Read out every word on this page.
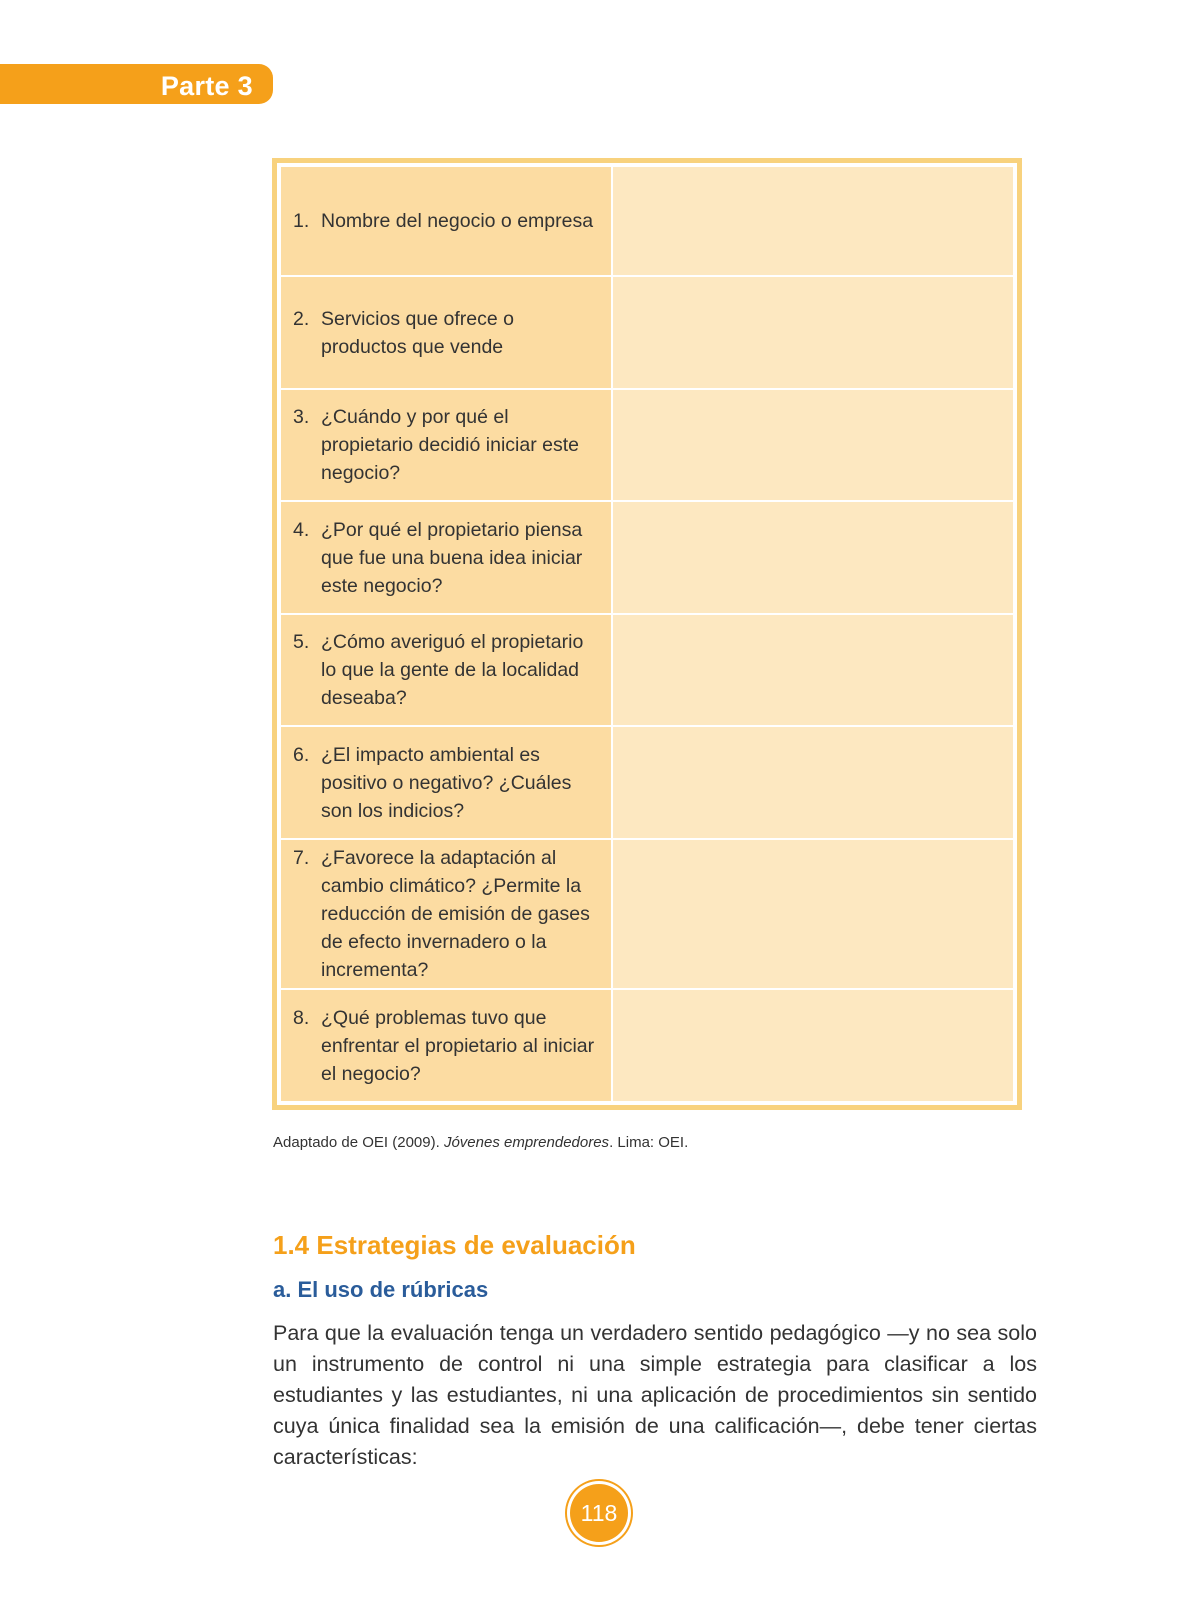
Parte 3
1. Nombre del negocio o empresa	

2. Servicios que ofrece o productos que vende	

3. ¿Cuándo y por qué el propietario decidió iniciar este negocio?	

4. ¿Por qué el propietario piensa que fue una buena idea iniciar este negocio?	

5. ¿Cómo averiguó el propietario lo que la gente de la localidad deseaba?	

6. ¿El impacto ambiental es positivo o negativo? ¿Cuáles son los indicios?	

7. ¿Favorece la adaptación al cambio climático? ¿Permite la reducción de emisión de gases de efecto invernadero o la incrementa?	

8. ¿Qué problemas tuvo que enfrentar el propietario al iniciar el negocio?	

Adaptado de OEI (2009). Jóvenes emprendedores. Lima: OEI.
1.4 Estrategias de evaluación
a. El uso de rúbricas

Para que la evaluación tenga un verdadero sentido pedagógico —y no sea solo un instrumento de control ni una simple estrategia para clasificar a los estudiantes y las estudiantes, ni una aplicación de procedimientos sin sentido cuya única finalidad sea la emisión de una calificación—, debe tener ciertas características:

118
